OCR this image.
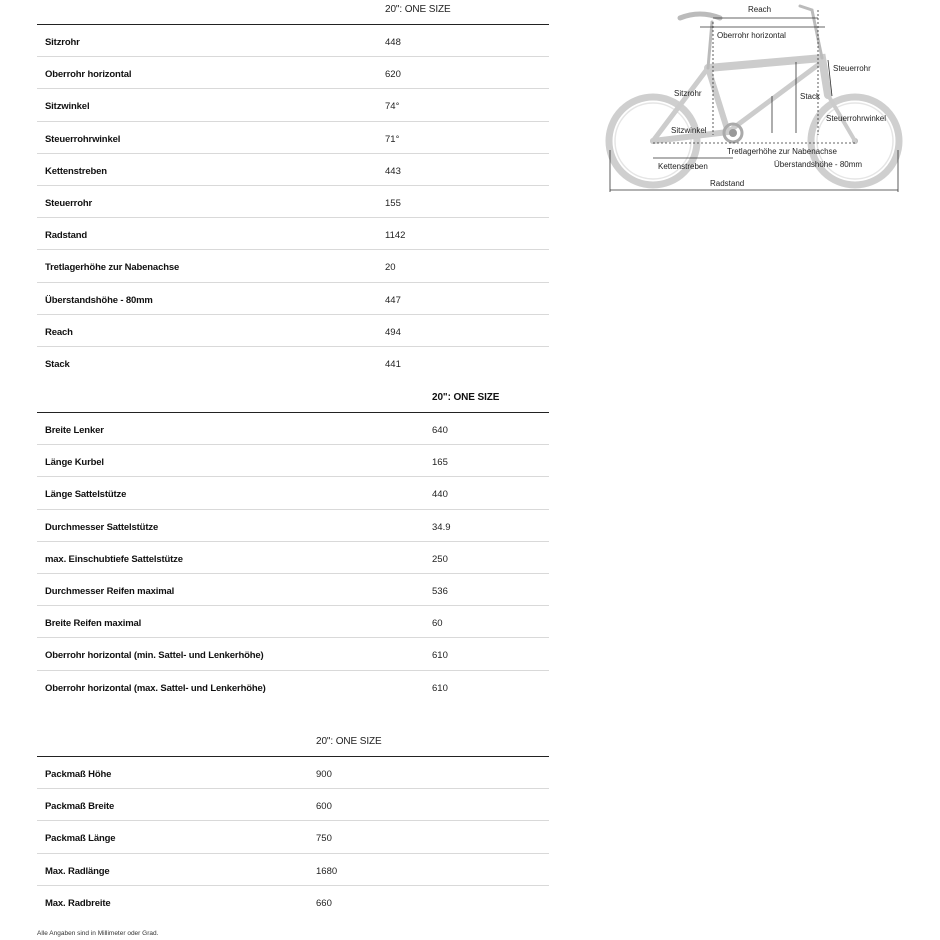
20": ONE SIZE
Sitzrohr	448
Oberrohr horizontal	620
Sitzwinkel	74°
Steuerrohrwinkel	71°
Kettenstreben	443
Steuerrohr	155
Radstand	1142
Tretlagerhöhe zur Nabenachse	20
Überstandshöhe - 80mm	447
Reach	494
Stack	441
20": ONE SIZE
Breite Lenker	640
Länge Kurbel	165
Länge Sattelstütze	440
Durchmesser Sattelstütze	34.9
max. Einschubtiefe Sattelstütze	250
Durchmesser Reifen maximal	536
Breite Reifen maximal	60
Oberrohr horizontal (min. Sattel- und Lenkerhöhe)	610
Oberrohr horizontal (max. Sattel- und Lenkerhöhe)	610
20": ONE SIZE
Packmaß Höhe	900
Packmaß Breite	600
Packmaß Länge	750
Max. Radlänge	1680
Max. Radbreite	660
Alle Angaben sind in Millimeter oder Grad.
Reach
Oberrohr horizontal
Steuerrohr
Sitzrohr	Stack
Steuerrohrwinkel
Sitzwinkel
Tretlagerhöhe zur Nabenachse
Kettenstreben	Überstandshöhe - 80mm
Radstand
